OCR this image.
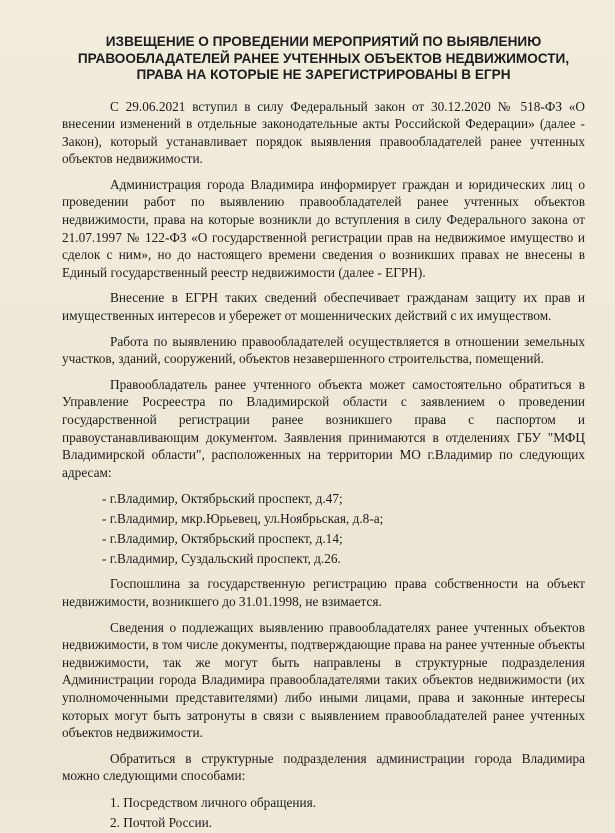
ИЗВЕЩЕНИЕ О ПРОВЕДЕНИИ МЕРОПРИЯТИЙ ПО ВЫЯВЛЕНИЮ ПРАВООБЛАДАТЕЛЕЙ РАНЕЕ УЧТЕННЫХ ОБЪЕКТОВ НЕДВИЖИМОСТИ, ПРАВА НА КОТОРЫЕ НЕ ЗАРЕГИСТРИРОВАНЫ В ЕГРН

С 29.06.2021 вступил в силу Федеральный закон от 30.12.2020 № 518-ФЗ «О внесении изменений в отдельные законодательные акты Российской Федерации» (далее - Закон), который устанавливает порядок выявления правообладателей ранее учтенных объектов недвижимости.

Администрация города Владимира информирует граждан и юридических лиц о проведении работ по выявлению правообладателей ранее учтенных объектов недвижимости, права на которые возникли до вступления в силу Федерального закона от 21.07.1997 № 122-ФЗ «О государственной регистрации прав на недвижимое имущество и сделок с ним», но до настоящего времени сведения о возникших правах не внесены в Единый государственный реестр недвижимости (далее - ЕГРН).

Внесение в ЕГРН таких сведений обеспечивает гражданам защиту их прав и имущественных интересов и убережет от мошеннических действий с их имуществом.

Работа по выявлению правообладателей осуществляется в отношении земельных участков, зданий, сооружений, объектов незавершенного строительства, помещений.

Правообладатель ранее учтенного объекта может самостоятельно обратиться в Управление Росреестра по Владимирской области с заявлением о проведении государственной регистрации ранее возникшего права с паспортом и правоустанавливающим документом. Заявления принимаются в отделениях ГБУ "МФЦ Владимирской области", расположенных на территории МО г.Владимир по следующих адресам:

- г.Владимир, Октябрьский проспект, д.47;
- г.Владимир, мкр.Юрьевец, ул.Ноябрьская, д.8-а;
- г.Владимир, Октябрьский проспект, д.14;
- г.Владимир, Суздальский проспект, д.26.

Госпошлина за государственную регистрацию права собственности на объект недвижимости, возникшего до 31.01.1998, не взимается.

Сведения о подлежащих выявлению правообладателях ранее учтенных объектов недвижимости, в том числе документы, подтверждающие права на ранее учтенные объекты недвижимости, так же могут быть направлены в структурные подразделения Администрации города Владимира правообладателями таких объектов недвижимости (их уполномоченными представителями) либо иными лицами, права и законные интересы которых могут быть затронуты в связи с выявлением правообладателей ранее учтенных объектов недвижимости.

Обратиться в структурные подразделения администрации города Владимира можно следующими способами:

1. Посредством личного обращения.
2. Почтой России.
